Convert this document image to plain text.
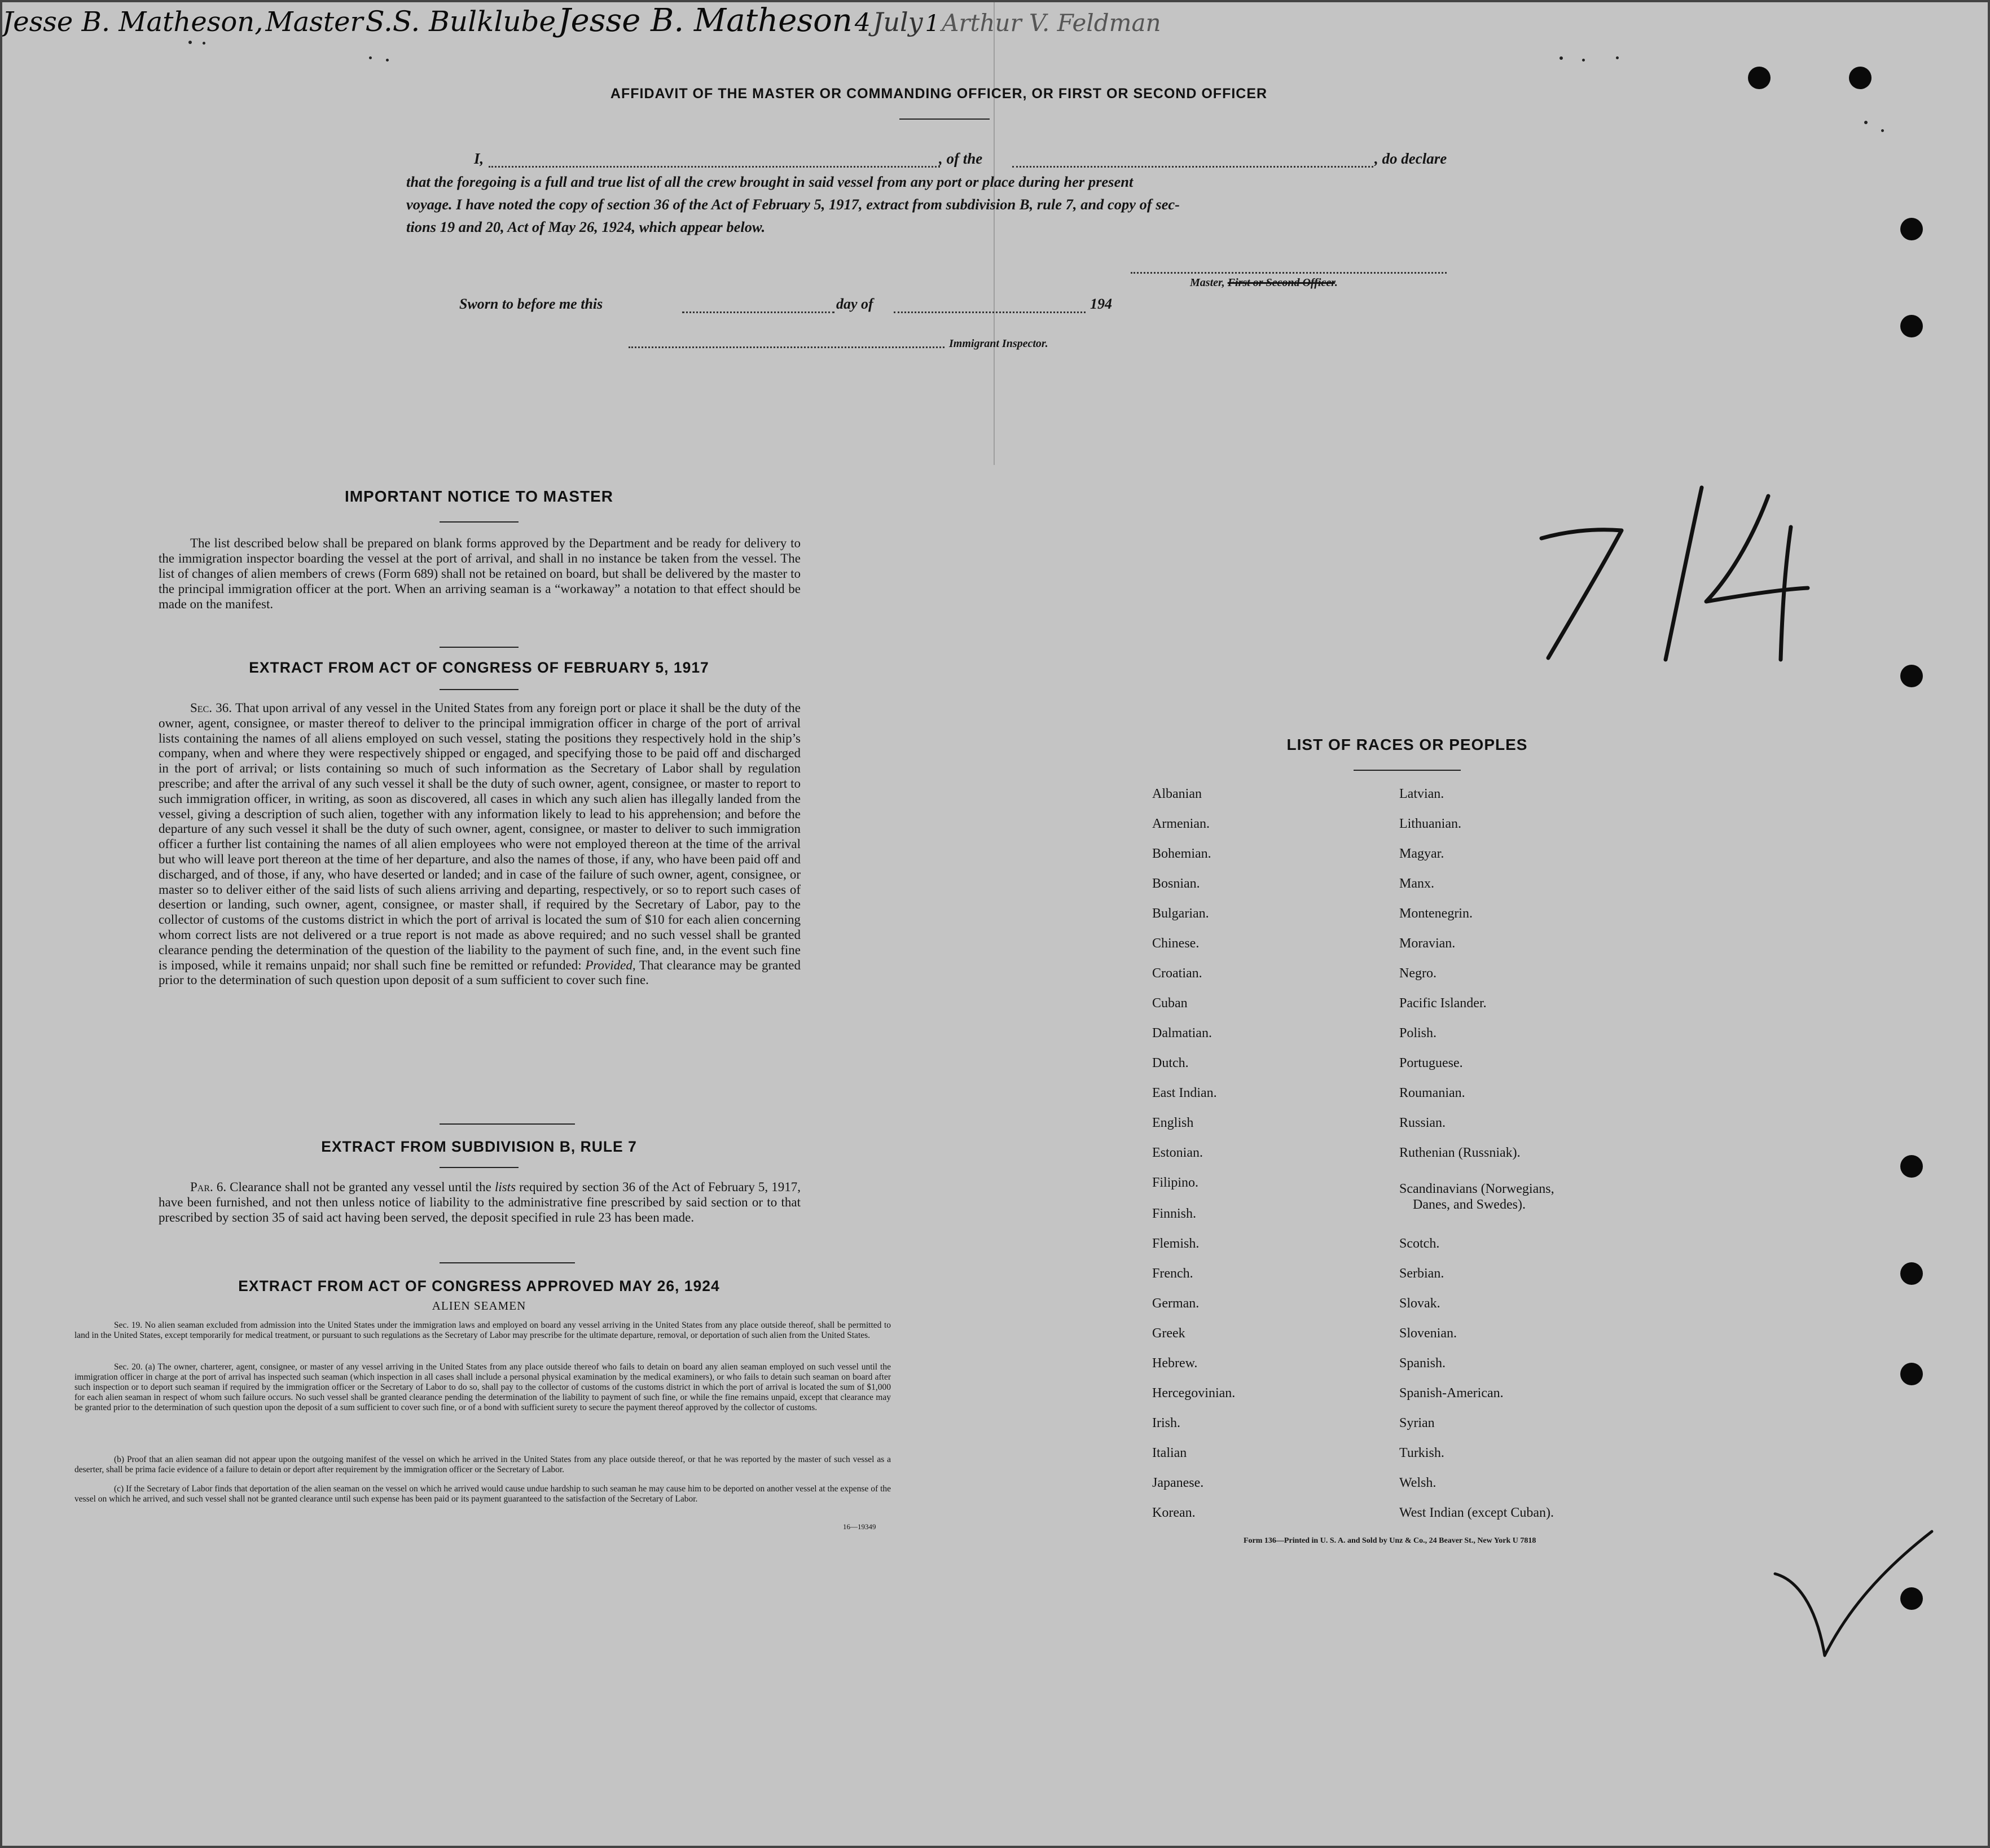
AFFIDAVIT OF THE MASTER OR COMMANDING OFFICER, OR FIRST OR SECOND OFFICER
I,
Jesse B. Matheson, Master
, of the
S.S. Bulklube
, do declare
that the foregoing is a full and true list of all the crew brought in said vessel from any port or place during her present
voyage. I have noted the copy of section 36 of the Act of February 5, 1917, extract from subdivision B, rule 7, and copy of sec-
tions 19 and 20, Act of May 26, 1924, which appear below.
Jesse B. Matheson
Master, First or Second Officer.
Sworn to before me this
4
day of
July
194
1
Arthur V. Feldman
Immigrant Inspector.
IMPORTANT NOTICE TO MASTER

The list described below shall be prepared on blank forms approved by the Department and be ready for delivery to the immigration inspector boarding the vessel at the port of arrival, and shall in no instance be taken from the vessel. The list of changes of alien members of crews (Form 689) shall not be retained on board, but shall be delivered by the master to the principal immigration officer at the port. When an arriving seaman is a “workaway” a notation to that effect should be made on the manifest.

EXTRACT FROM ACT OF CONGRESS OF FEBRUARY 5, 1917

Sec. 36. That upon arrival of any vessel in the United States from any foreign port or place it shall be the duty of the owner, agent, consignee, or master thereof to deliver to the principal immigration officer in charge of the port of arrival lists containing the names of all aliens employed on such vessel, stating the positions they respectively hold in the ship’s company, when and where they were respectively shipped or engaged, and specifying those to be paid off and discharged in the port of arrival; or lists containing so much of such information as the Secretary of Labor shall by regulation prescribe; and after the arrival of any such vessel it shall be the duty of such owner, agent, consignee, or master to report to such immigration officer, in writing, as soon as discovered, all cases in which any such alien has illegally landed from the vessel, giving a description of such alien, together with any information likely to lead to his apprehension; and before the departure of any such vessel it shall be the duty of such owner, agent, consignee, or master to deliver to such immigration officer a further list containing the names of all alien employees who were not employed thereon at the time of the arrival but who will leave port thereon at the time of her departure, and also the names of those, if any, who have been paid off and discharged, and of those, if any, who have deserted or landed; and in case of the failure of such owner, agent, consignee, or master so to deliver either of the said lists of such aliens arriving and departing, respectively, or so to report such cases of desertion or landing, such owner, agent, consignee, or master shall, if required by the Secretary of Labor, pay to the collector of customs of the customs district in which the port of arrival is located the sum of $10 for each alien concerning whom correct lists are not delivered or a true report is not made as above required; and no such vessel shall be granted clearance pending the determination of the question of the liability to the payment of such fine, and, in the event such fine is imposed, while it remains unpaid; nor shall such fine be remitted or refunded: Provided, That clearance may be granted prior to the determination of such question upon deposit of a sum sufficient to cover such fine.

EXTRACT FROM SUBDIVISION B, RULE 7

Par. 6. Clearance shall not be granted any vessel until the lists required by section 36 of the Act of February 5, 1917, have been furnished, and not then unless notice of liability to the administrative fine prescribed by said section or to that prescribed by section 35 of said act having been served, the deposit specified in rule 23 has been made.

EXTRACT FROM ACT OF CONGRESS APPROVED MAY 26, 1924
ALIEN SEAMEN
Sec. 19. No alien seaman excluded from admission into the United States under the immigration laws and employed on board any vessel arriving in the United States from any place outside thereof, shall be permitted to land in the United States, except temporarily for medical treatment, or pursuant to such regulations as the Secretary of Labor may prescribe for the ultimate departure, removal, or deportation of such alien from the United States.
Sec. 20. (a) The owner, charterer, agent, consignee, or master of any vessel arriving in the United States from any place outside thereof who fails to detain on board any alien seaman employed on such vessel until the immigration officer in charge at the port of arrival has inspected such seaman (which inspection in all cases shall include a personal physical examination by the medical examiners), or who fails to detain such seaman on board after such inspection or to deport such seaman if required by the immigration officer or the Secretary of Labor to do so, shall pay to the collector of customs of the customs district in which the port of arrival is located the sum of $1,000 for each alien seaman in respect of whom such failure occurs. No such vessel shall be granted clearance pending the determination of the liability to payment of such fine, or while the fine remains unpaid, except that clearance may be granted prior to the determination of such question upon the deposit of a sum sufficient to cover such fine, or of a bond with sufficient surety to secure the payment thereof approved by the collector of customs.
(b) Proof that an alien seaman did not appear upon the outgoing manifest of the vessel on which he arrived in the United States from any place outside thereof, or that he was reported by the master of such vessel as a deserter, shall be prima facie evidence of a failure to detain or deport after requirement by the immigration officer or the Secretary of Labor.
(c) If the Secretary of Labor finds that deportation of the alien seaman on the vessel on which he arrived would cause undue hardship to such seaman he may cause him to be deported on another vessel at the expense of the vessel on which he arrived, and such vessel shall not be granted clearance until such expense has been paid or its payment guaranteed to the satisfaction of the Secretary of Labor.
16—19349
LIST OF RACES OR PEOPLES
Albanian
Armenian.
Bohemian.
Bosnian.
Bulgarian.
Chinese.
Croatian.
Cuban
Dalmatian.
Dutch.
East Indian.
English
Estonian.
Filipino.
Finnish.
Flemish.
French.
German.
Greek
Hebrew.
Hercegovinian.
Irish.
Italian
Japanese.
Korean.
Latvian.
Lithuanian.
Magyar.
Manx.
Montenegrin.
Moravian.
Negro.
Pacific Islander.
Polish.
Portuguese.
Roumanian.
Russian.
Ruthenian (Russniak).
Scandinavians (Norwegians,
Danes, and Swedes).
Scotch.
Serbian.
Slovak.
Slovenian.
Spanish.
Spanish-American.
Syrian
Turkish.
Welsh.
West Indian (except Cuban).
Form 136—Printed in U. S. A. and Sold by Unz & Co., 24 Beaver St., New York U 7818
